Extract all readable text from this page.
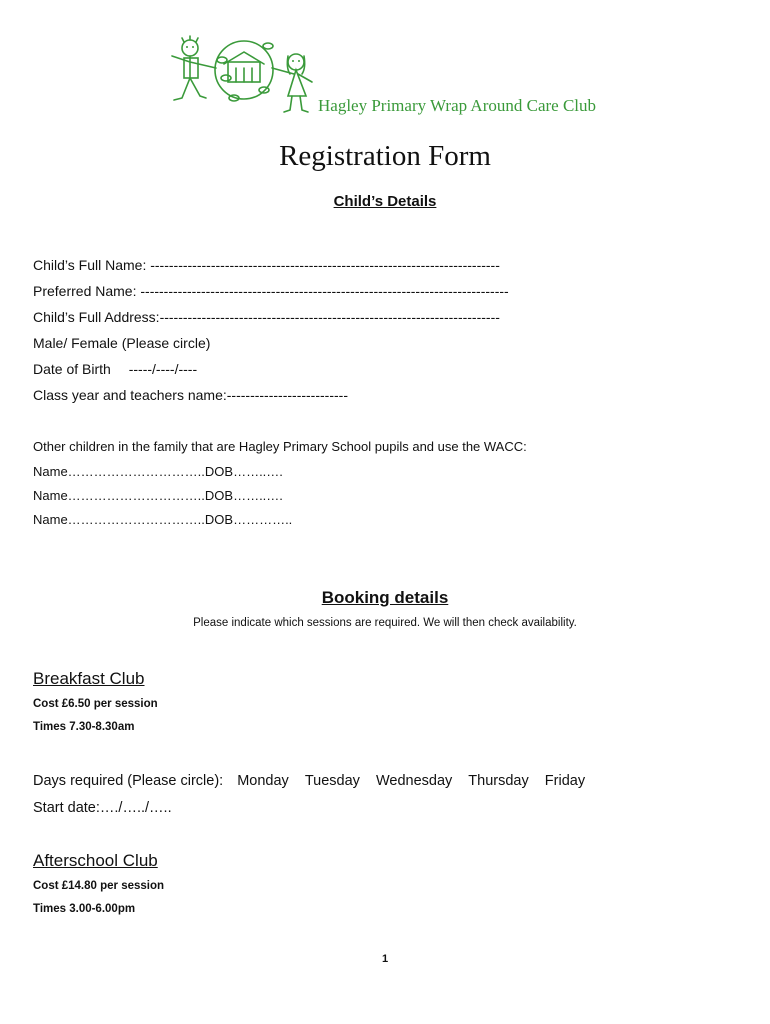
Hagley Primary Wrap Around Care Club
Registration Form
Child’s Details
Child’s Full Name: ---------------------------------------------------------------------------
Preferred Name: -------------------------------------------------------------------------------
Child’s Full Address:-------------------------------------------------------------------------
Male/ Female (Please circle)
Date of Birth -----/----/----
Class year and teachers name:--------------------------
Other children in the family that are Hagley Primary School pupils and use the WACC:
Name…………………………..DOB……..….
Name…………………………..DOB……..….
Name…………………………..DOB…………..
Booking details
Please indicate which sessions are required. We will then check availability.
Breakfast Club
Cost £6.50 per session
Times 7.30-8.30am
Days required (Please circle): Monday Tuesday Wednesday Thursday Friday
Start date:…./…../…..
Afterschool Club
Cost £14.80 per session
Times 3.00-6.00pm
1
